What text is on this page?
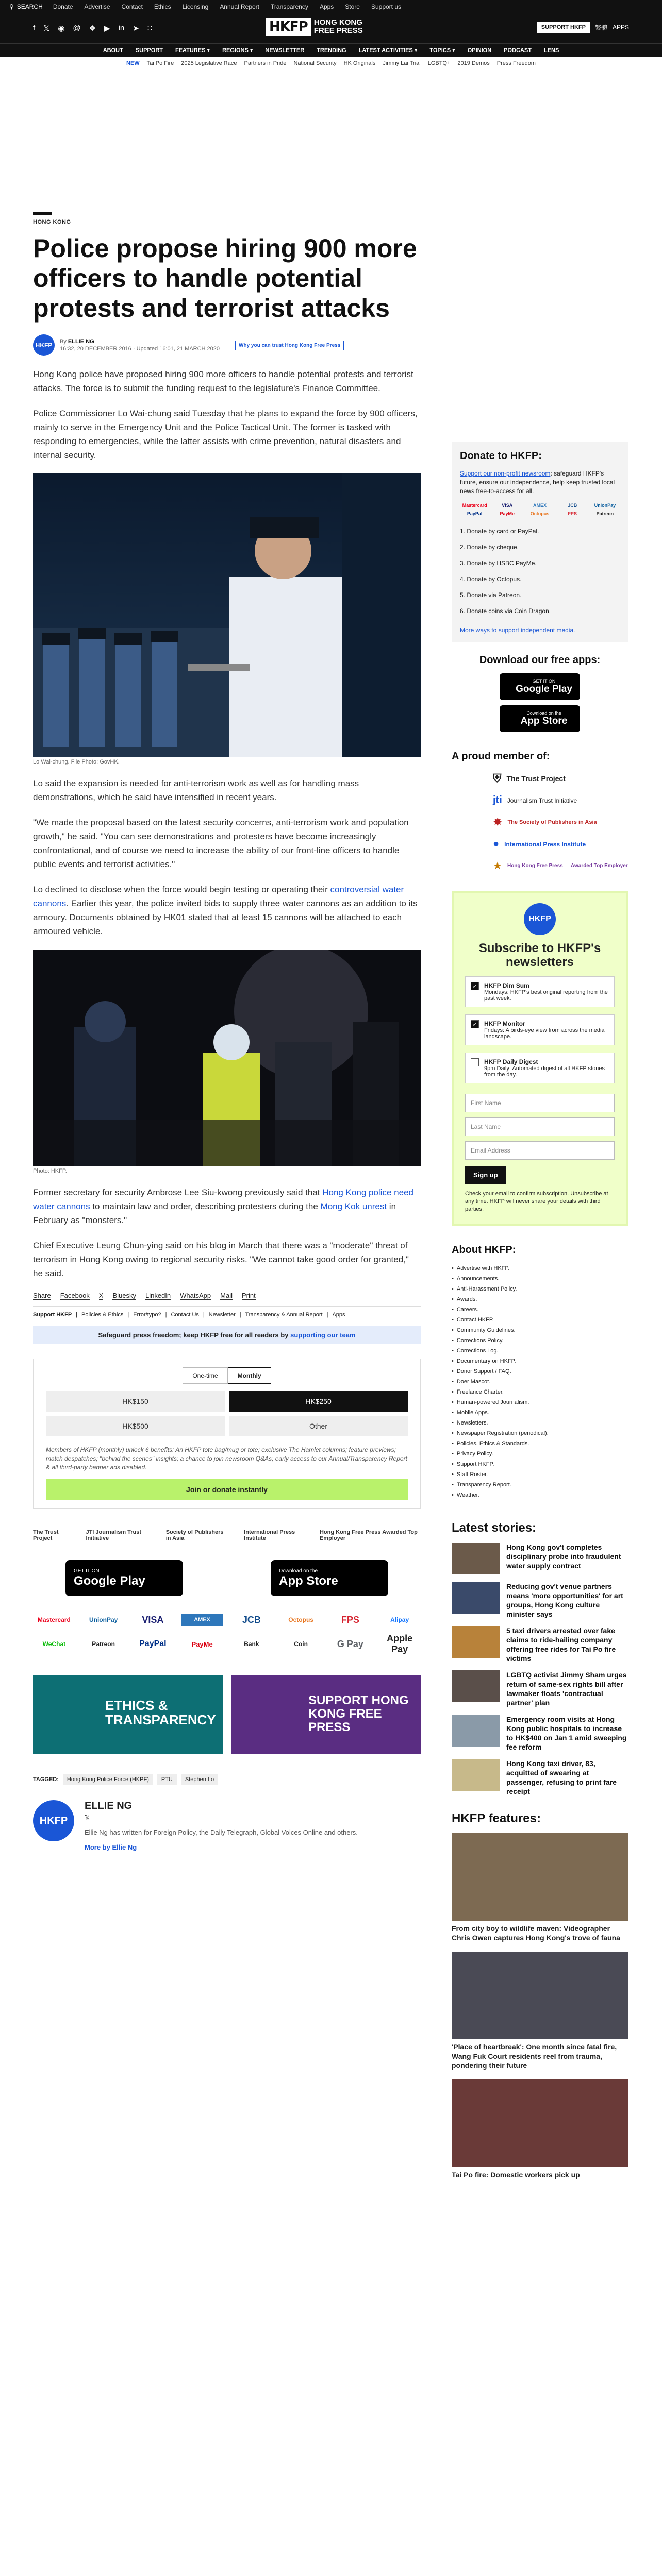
⚲ SEARCH Donate Advertise Contact Ethics Licensing Annual Report Transparency Apps Store Support us
f 𝕏 ◉ @ ❖ ▶ in ➤ ∷	HKFP HONG KONG
FREE PRESS	SUPPORT HKFP	繁體 APPS
ABOUT SUPPORT FEATURES ▾ REGIONS ▾ NEWSLETTER TRENDING LATEST ACTIVITIES ▾ TOPICS ▾ OPINION PODCAST LENS
NEW Tai Po Fire 2025 Legislative Race Partners in Pride National Security HK Originals Jimmy Lai Trial LGBTQ+ 2019 Demos Press Freedom
HONG KONG
Police propose hiring 900 more officers to handle potential protests and terrorist attacks
HKFP	By ELLIE NG
16:32, 20 DECEMBER 2016 · Updated 16:01, 21 MARCH 2020
Why you can trust Hong Kong Free Press

Hong Kong police have proposed hiring 900 more officers to handle potential protests and terrorist attacks. The force is to submit the funding request to the legislature's Finance Committee.

Police Commissioner Lo Wai-chung said Tuesday that he plans to expand the force by 900 officers, mainly to serve in the Emergency Unit and the Police Tactical Unit. The former is tasked with responding to emergencies, while the latter assists with crime prevention, natural disasters and internal security.

Lo Wai-chung. File Photo: GovHK.

Lo said the expansion is needed for anti-terrorism work as well as for handling mass demonstrations, which he said have intensified in recent years.

"We made the proposal based on the latest security concerns, anti-terrorism work and population growth," he said. "You can see demonstrations and protesters have become increasingly confrontational, and of course we need to increase the ability of our front-line officers to handle public events and terrorist activities."

Lo declined to disclose when the force would begin testing or operating their controversial water cannons. Earlier this year, the police invited bids to supply three water cannons as an addition to its armoury. Documents obtained by HK01 stated that at least 15 cannons will be attached to each armoured vehicle.

Photo: HKFP.

Former secretary for security Ambrose Lee Siu-kwong previously said that Hong Kong police need water cannons to maintain law and order, describing protesters during the Mong Kok unrest in February as "monsters."

Chief Executive Leung Chun-ying said on his blog in March that there was a "moderate" threat of terrorism in Hong Kong owing to regional security risks. "We cannot take good order for granted," he said.

Share Facebook X Bluesky LinkedIn WhatsApp Mail Print
Support HKFP | Policies & Ethics | Error/typo? | Contact Us | Newsletter | Transparency & Annual Report | Apps
Safeguard press freedom; keep HKFP free for all readers by supporting our team
One-time	Monthly
HK$150	HK$250
HK$500	Other
Members of HKFP (monthly) unlock 6 benefits: An HKFP tote bag/mug or tote; exclusive The Hamlet columns; feature previews; match despatches; "behind the scenes" insights; a chance to join newsroom Q&As; early access to our Annual/Transparency Report & all third-party banner ads disabled.
Join or donate instantly
The Trust Project
JTI Journalism Trust Initiative
Society of Publishers in Asia
International Press Institute
Hong Kong Free Press Awarded Top Employer
GET IT ON
Google Play
Download on the
App Store
Mastercard	UnionPay	VISA	AMEX	JCB	Octopus	FPS	Alipay
WeChat	Patreon	PayPal	PayMe	Bank	Coin	G Pay
Apple Pay
ETHICS & TRANSPARENCY
SUPPORT HONG KONG FREE PRESS
TAGGED:	Hong Kong Police Force (HKPF)	PTU	Stephen Lo
HKFP
ELLIE NG
𝕏
Ellie Ng has written for Foreign Policy, the Daily Telegraph, Global Voices Online and others.
More by Ellie Ng
Donate to HKFP:
Support our non-profit newsroom: safeguard HKFP's future, ensure our independence, help keep trusted local news free-to-access for all.
Mastercard	VISA	AMEX	JCB	UnionPay
PayPal	PayMe	Octopus	FPS	Patreon
1. Donate by card or PayPal.
2. Donate by cheque.
3. Donate by HSBC PayMe.
4. Donate by Octopus.
5. Donate via Patreon.
6. Donate coins via Coin Dragon.
More ways to support independent media.
Download our free apps:
GET IT ON
Google Play
Download on the
App Store
A proud member of:
⛨ The Trust Project
jti Journalism Trust Initiative
✸ The Society of Publishers in Asia
● International Press Institute
★ Hong Kong Free Press — Awarded Top Employer
HKFP
Subscribe to HKFP's newsletters
✓ HKFP Dim Sum
Mondays: HKFP's best original reporting from the past week.
✓ HKFP Monitor
Fridays: A birds-eye view from across the media landscape.
HKFP Daily Digest
9pm Daily: Automated digest of all HKFP stories from the day.
First Name
Last Name
Email Address
Sign up
Check your email to confirm subscription. Unsubscribe at any time. HKFP will never share your details with third parties.
About HKFP:
• Advertise with HKFP.
• Announcements.
• Anti-Harassment Policy.
• Awards.
• Careers.
• Contact HKFP.
• Community Guidelines.
• Corrections Policy.
• Corrections Log.
• Documentary on HKFP.
• Donor Support / FAQ.
• Doer Mascot.
• Freelance Charter.
• Human-powered Journalism.
• Mobile Apps.
• Newsletters.
• Newspaper Registration (periodical).
• Policies, Ethics & Standards.
• Privacy Policy.
• Support HKFP.
• Staff Roster.
• Transparency Report.
• Weather.
Latest stories:
Hong Kong gov't completes disciplinary probe into fraudulent water supply contract
Reducing gov't venue partners means 'more opportunities' for art groups, Hong Kong culture minister says
5 taxi drivers arrested over fake claims to ride-hailing company offering free rides for Tai Po fire victims
LGBTQ activist Jimmy Sham urges return of same-sex rights bill after lawmaker floats 'contractual partner' plan
Emergency room visits at Hong Kong public hospitals to increase to HK$400 on Jan 1 amid sweeping fee reform
Hong Kong taxi driver, 83, acquitted of swearing at passenger, refusing to print fare receipt
HKFP features:
From city boy to wildlife maven: Videographer Chris Owen captures Hong Kong's trove of fauna
'Place of heartbreak': One month since fatal fire, Wang Fuk Court residents reel from trauma, pondering their future
Tai Po fire: Domestic workers pick up
